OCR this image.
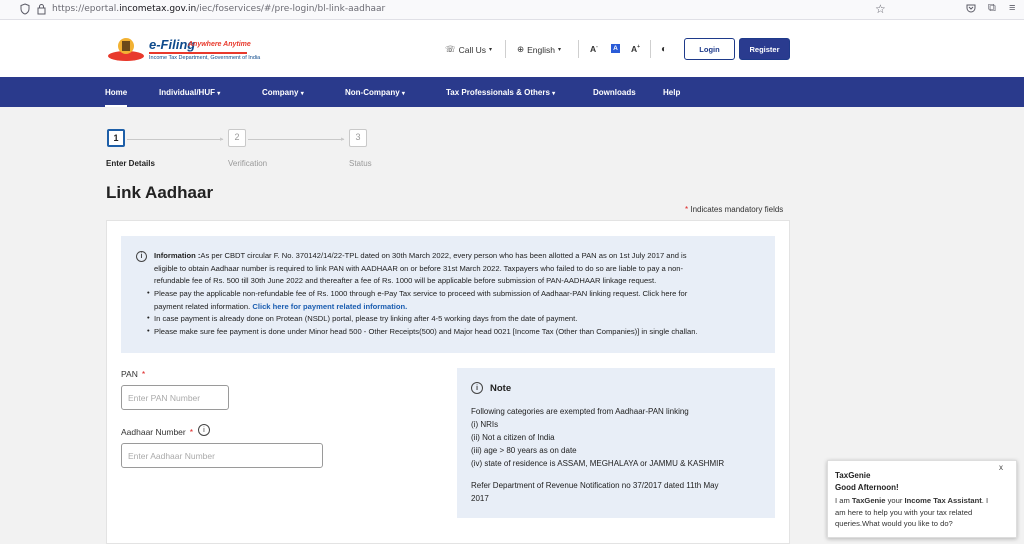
https://eportal.incometax.gov.in/iec/foservices/#/pre-login/bl-link-aadhaar	☆	⧉ ≡
e-Filing
Anywhere Anytime
Income Tax Department, Government of India
☏ Call Us ▾	⊕ English ▾	A-	A A+ ◐	Login	Register
Home	Individual/HUF ▾	Company ▾	Non-Company ▾	Tax Professionals & Others ▾	Downloads	Help
1	▸	2	▸	3
Enter Details	Verification	Status
Link Aadhaar
* Indicates mandatory fields
i	Information :As per CBDT circular F. No. 370142/14/22-TPL dated on 30th March 2022, every person who has been allotted a PAN as on 1st July 2017 and is
eligible to obtain Aadhaar number is required to link PAN with AADHAAR on or before 31st March 2022. Taxpayers who failed to do so are liable to pay a non-
refundable fee of Rs. 500 till 30th June 2022 and thereafter a fee of Rs. 1000 will be applicable before submission of PAN-AADHAAR linkage request.
• Please pay the applicable non-refundable fee of Rs. 1000 through e-Pay Tax service to proceed with submission of Aadhaar-PAN linking request. Click here for
payment related information. Click here for payment related information.
• In case payment is already done on Protean (NSDL) portal, please try linking after 4-5 working days from the date of payment.
• Please make sure fee payment is done under Minor head 500 - Other Receipts(500) and Major head 0021 [Income Tax (Other than Companies)] in single challan.
PAN *
Enter PAN Number
Aadhaar Number *	i
Enter Aadhaar Number
i	Note
Following categories are exempted from Aadhaar-PAN linking
(i) NRIs
(ii) Not a citizen of India
(iii) age > 80 years as on date
(iv) state of residence is ASSAM, MEGHALAYA or JAMMU & KASHMIR
Refer Department of Revenue Notification no 37/2017 dated 11th May
2017
x
TaxGenie
Good Afternoon!
I am TaxGenie your Income Tax Assistant. I
am here to help you with your tax related
queries.What would you like to do?
